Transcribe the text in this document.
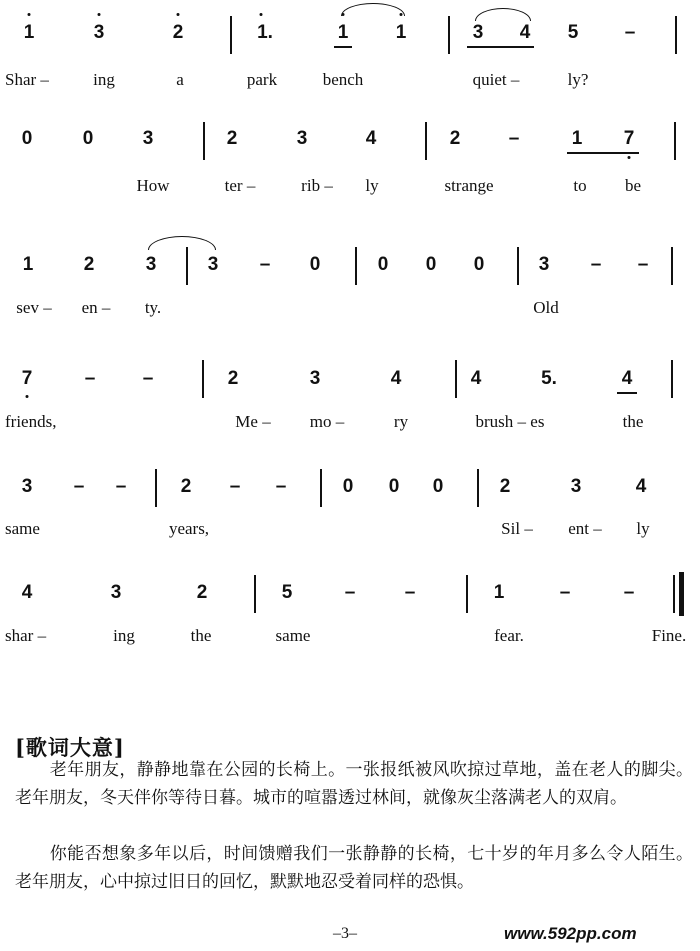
1	3	2	1.	1 1	3 4 5 –
Shar –	ing	a	park	bench	quiet –	ly?
0	0	3	2	3	4	2	–	1 7
How	ter –	rib – ly	strange	to be
1	2	3	3 – 0	0 0 0	3 – –
sev – en – ty.	Old
7	– –	2	3	4	4	5.	4
friends,	Me – mo –	ry	brush – es	the
3 – –	2 – –	0 0 0	2	3	4
same	years,	Sil – ent – ly
4	3	2	5	–	–	1	–	–
shar –	ing	the	same	fear.	Fine.
[歌词大意]

　　老年朋友，静静地靠在公园的长椅上。一张报纸被风吹掠过草地，盖在老人的脚尖。老年朋友，冬天伴你等待日暮。城市的喧嚣透过林间，就像灰尘落满老人的双肩。

　　你能否想象多年以后，时间馈赠我们一张静静的长椅，七十岁的年月多么令人陌生。老年朋友，心中掠过旧日的回忆，默默地忍受着同样的恐惧。

–3–	www.592pp.com
